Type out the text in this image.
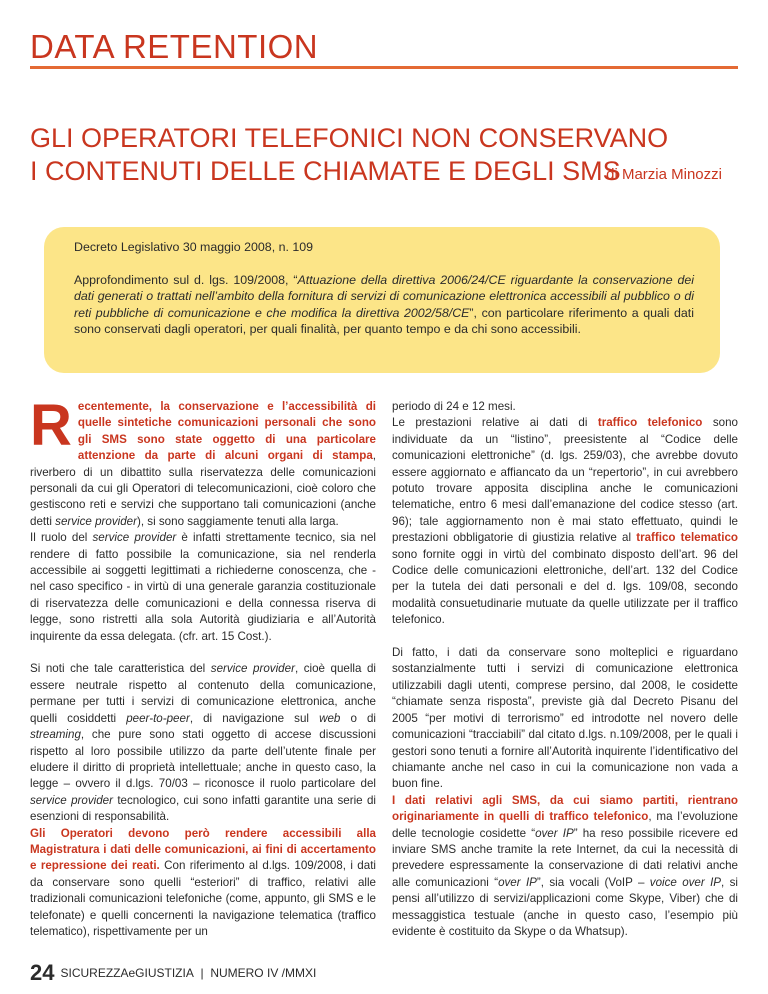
DATA RETENTION
GLI OPERATORI TELEFONICI NON CONSERVANO
I CONTENUTI DELLE CHIAMATE E DEGLI SMS
di Marzia Minozzi

Decreto Legislativo 30 maggio 2008, n. 109

Approfondimento sul d. lgs. 109/2008, “Attuazione della direttiva 2006/24/CE riguardante la conservazione dei dati generati o trattati nell’ambito della fornitura di servizi di comunicazione elettronica accessibili al pubblico o di reti pubbliche di comunicazione e che modifica la direttiva 2002/58/CE”, con particolare riferimento a quali dati sono conservati dagli operatori, per quali finalità, per quanto tempo e da chi sono accessibili.

Recentemente, la conservazione e l’accessibilità di quelle sintetiche comunicazioni personali che sono gli SMS sono state oggetto di una particolare attenzione da parte di alcuni organi di stampa, riverbero di un dibattito sulla riservatezza delle comunicazioni personali da cui gli Operatori di telecomunicazioni, cioè coloro che gestiscono reti e servizi che supportano tali comunicazioni (anche detti service provider), si sono saggiamente tenuti alla larga.

Il ruolo del service provider è infatti strettamente tecnico, sia nel rendere di fatto possibile la comunicazione, sia nel renderla accessibile ai soggetti legittimati a richiederne conoscenza, che - nel caso specifico - in virtù di una generale garanzia costituzionale di riservatezza delle comunicazioni e della connessa riserva di legge, sono ristretti alla sola Autorità giudiziaria e all’Autorità inquirente da essa delegata. (cfr. art. 15 Cost.).

Si noti che tale caratteristica del service provider, cioè quella di essere neutrale rispetto al contenuto della comunicazione, permane per tutti i servizi di comunicazione elettronica, anche quelli cosiddetti peer-to-peer, di navigazione sul web o di streaming, che pure sono stati oggetto di accese discussioni rispetto al loro possibile utilizzo da parte dell’utente finale per eludere il diritto di proprietà intellettuale; anche in questo caso, la legge – ovvero il d.lgs. 70/03 – riconosce il ruolo particolare del service provider tecnologico, cui sono infatti garantite una serie di esenzioni di responsabilità.

Gli Operatori devono però rendere accessibili alla Magistratura i dati delle comunicazioni, ai fini di accertamento e repressione dei reati. Con riferimento al d.lgs. 109/2008, i dati da conservare sono quelli “esteriori” di traffico, relativi alle tradizionali comunicazioni telefoniche (come, appunto, gli SMS e le telefonate) e quelli concernenti la navigazione telematica (traffico telematico), rispettivamente per un

periodo di 24 e 12 mesi.

Le prestazioni relative ai dati di traffico telefonico sono individuate da un “listino”, preesistente al “Codice delle comunicazioni elettroniche” (d. lgs. 259/03), che avrebbe dovuto essere aggiornato e affiancato da un “repertorio”, in cui avrebbero potuto trovare apposita disciplina anche le comunicazioni telematiche, entro 6 mesi dall’emanazione del codice stesso (art. 96); tale aggiornamento non è mai stato effettuato, quindi le prestazioni obbligatorie di giustizia relative al traffico telematico sono fornite oggi in virtù del combinato disposto dell’art. 96 del Codice delle comunicazioni elettroniche, dell’art. 132 del Codice per la tutela dei dati personali e del d. lgs. 109/08, secondo modalità consuetudinarie mutuate da quelle utilizzate per il traffico telefonico.

Di fatto, i dati da conservare sono molteplici e riguardano sostanzialmente tutti i servizi di comunicazione elettronica utilizzabili dagli utenti, comprese persino, dal 2008, le cosidette “chiamate senza risposta”, previste già dal Decreto Pisanu del 2005 “per motivi di terrorismo” ed introdotte nel novero delle comunicazioni “tracciabili” dal citato d.lgs. n.109/2008, per le quali i gestori sono tenuti a fornire all’Autorità inquirente l’identificativo del chiamante anche nel caso in cui la comunicazione non vada a buon fine.

I dati relativi agli SMS, da cui siamo partiti, rientrano originariamente in quelli di traffico telefonico, ma l’evoluzione delle tecnologie cosidette “over IP” ha reso possibile ricevere ed inviare SMS anche tramite la rete Internet, da cui la necessità di prevedere espressamente la conservazione di dati relativi anche alle comunicazioni “over IP”, sia vocali (VoIP – voice over IP, si pensi all’utilizzo di servizi/applicazioni come Skype, Viber) che di messaggistica testuale (anche in questo caso, l’esempio più evidente è costituito da Skype o da Whatsup).

24 SICUREZZAeGIUSTIZIA | NUMERO IV /MMXI
